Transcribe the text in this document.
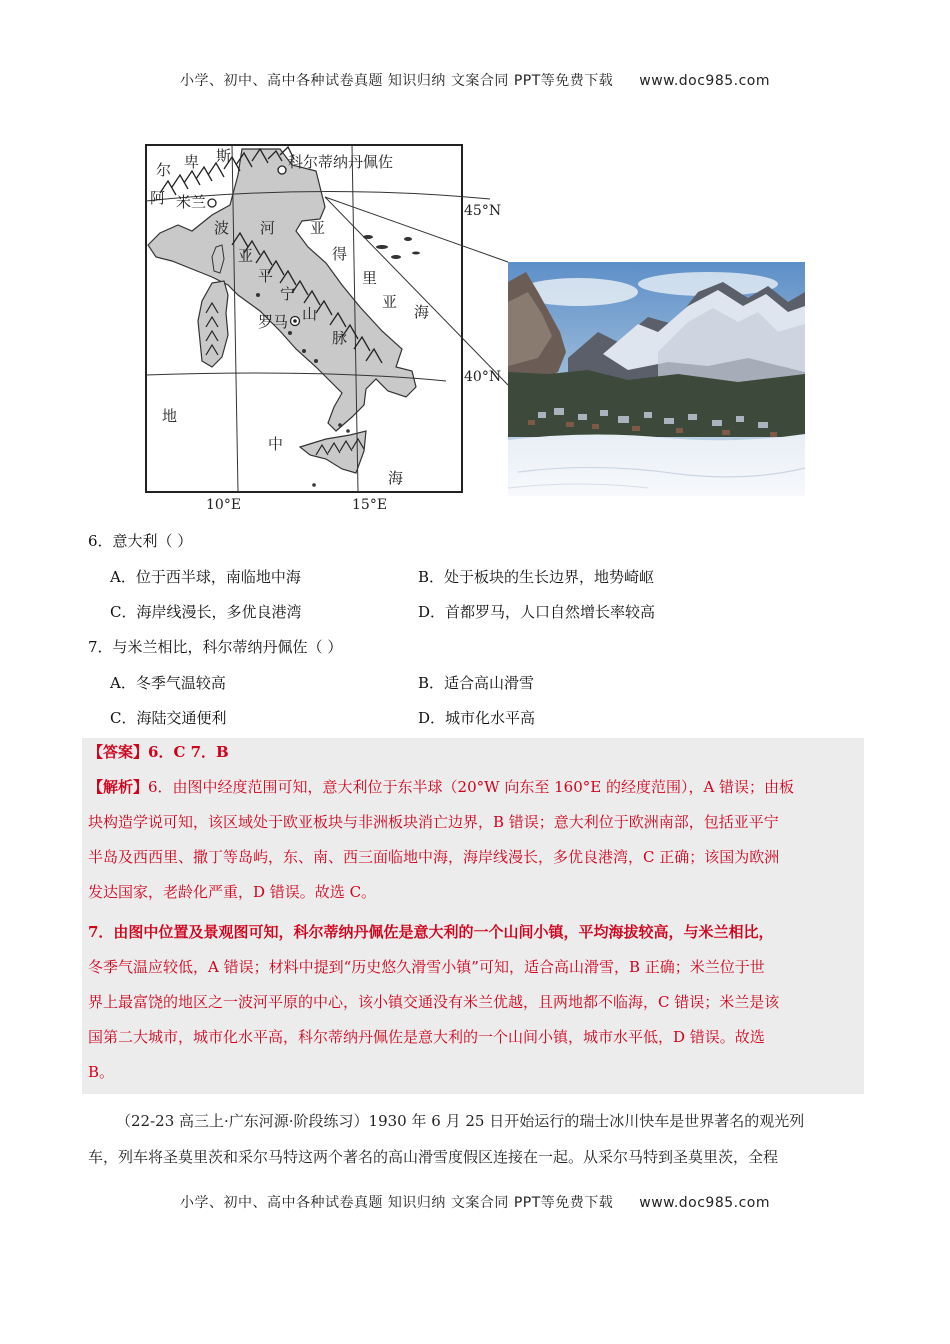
小学、初中、高中各种试卷真题 知识归纳 文案合同 PPT等免费下载 www.doc985.com
尔
阿
卑 斯	科尔蒂纳丹佩佐
米兰
波 河 亚
得
里
亚
海
亚
平
宁
山
脉
罗马
地
中
海
45°N
40°N
10°E	15°E
6．意大利（ ）
A．位于西半球，南临地中海	B．处于板块的生长边界，地势崎岖
C．海岸线漫长，多优良港湾	D．首都罗马，人口自然增长率较高
7．与米兰相比，科尔蒂纳丹佩佐（ ）
A．冬季气温较高	B．适合高山滑雪
C．海陆交通便利	D．城市化水平高
【答案】6．C 7．B
【解析】6．由图中经度范围可知，意大利位于东半球（20°W 向东至 160°E 的经度范围），A 错误；由板
块构造学说可知，该区域处于欧亚板块与非洲板块消亡边界，B 错误；意大利位于欧洲南部，包括亚平宁
半岛及西西里、撒丁等岛屿，东、南、西三面临地中海，海岸线漫长，多优良港湾，C 正确；该国为欧洲
发达国家，老龄化严重，D 错误。故选 C。
7．由图中位置及景观图可知，科尔蒂纳丹佩佐是意大利的一个山间小镇，平均海拔较高，与米兰相比，
冬季气温应较低，A 错误；材料中提到“历史悠久滑雪小镇”可知，适合高山滑雪，B 正确；米兰位于世
界上最富饶的地区之一波河平原的中心，该小镇交通没有米兰优越，且两地都不临海，C 错误；米兰是该
国第二大城市，城市化水平高，科尔蒂纳丹佩佐是意大利的一个山间小镇，城市水平低，D 错误。故选
B。
（22-23 高三上·广东河源·阶段练习）1930 年 6 月 25 日开始运行的瑞士冰川快车是世界著名的观光列
车，列车将圣莫里茨和采尔马特这两个著名的高山滑雪度假区连接在一起。从采尔马特到圣莫里茨，全程
小学、初中、高中各种试卷真题 知识归纳 文案合同 PPT等免费下载 www.doc985.com
